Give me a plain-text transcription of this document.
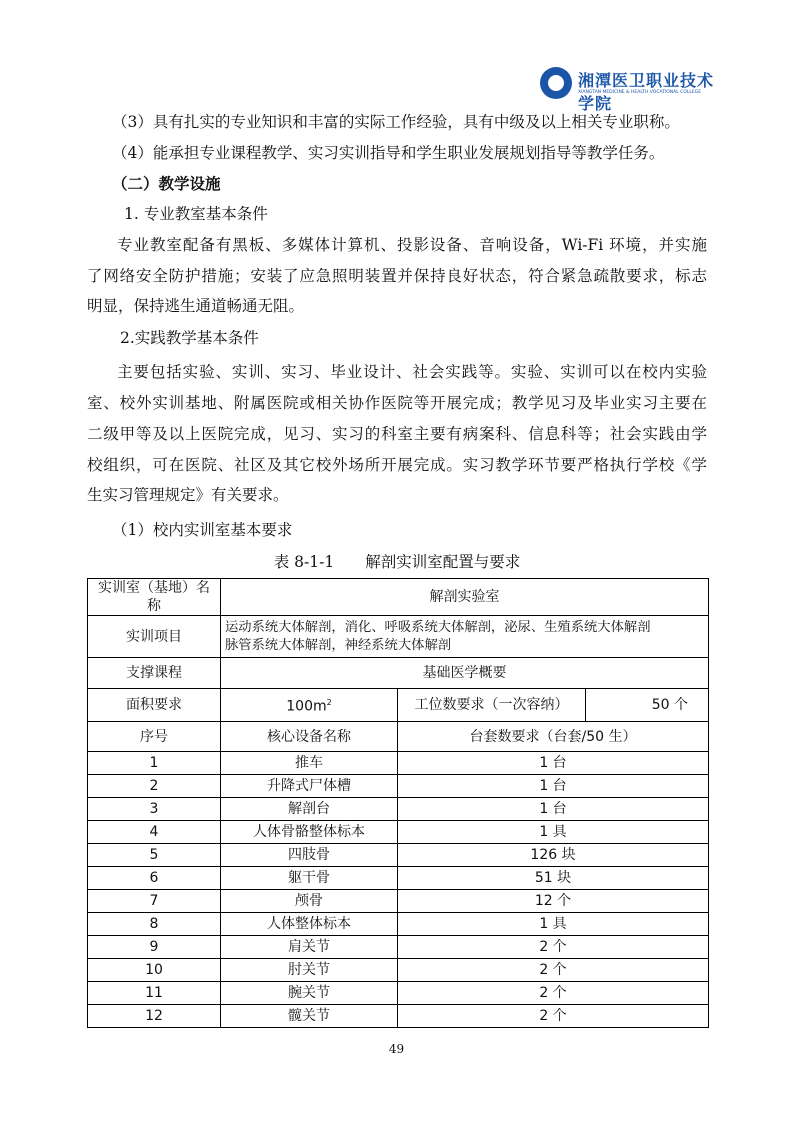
湘潭医卫职业技术学院
XIANGTAN MEDICINE & HEALTH VOCATIONAL COLLEGE
（3）具有扎实的专业知识和丰富的实际工作经验，具有中级及以上相关专业职称。
（4）能承担专业课程教学、实习实训指导和学生职业发展规划指导等教学任务。
（二）教学设施
1. 专业教室基本条件
专业教室配备有黑板、多媒体计算机、投影设备、音响设备，Wi-Fi 环境，并实施
了网络安全防护措施；安装了应急照明装置并保持良好状态，符合紧急疏散要求，标志
明显，保持逃生通道畅通无阻。
2.实践教学基本条件
主要包括实验、实训、实习、毕业设计、社会实践等。实验、实训可以在校内实验
室、校外实训基地、附属医院或相关协作医院等开展完成；教学见习及毕业实习主要在
二级甲等及以上医院完成，见习、实习的科室主要有病案科、信息科等；社会实践由学
校组织，可在医院、社区及其它校外场所开展完成。实习教学环节要严格执行学校《学
生实习管理规定》有关要求。
（1）校内实训室基本要求
表 8-1-1　　解剖实训室配置与要求
实训室（基地）名称	解剖实验室		
实训项目	运动系统大体解剖，消化、呼吸系统大体解剖，泌尿、生殖系统大体解剖
脉管系统大体解剖，神经系统大体解剖		

支撑课程	基础医学概要		
面积要求	$100m^2$	工位数要求（一次容纳）	50 个
序号	核心设备名称	台套数要求（台套/50 生）	
1	推车	1 台	
2	升降式尸体槽	1 台	
3	解剖台	1 台	
4	人体骨骼整体标本	1 具	
5	四肢骨	126 块	
6	躯干骨	51 块	
7	颅骨	12 个	
8	人体整体标本	1 具	
9	肩关节	2 个	
10	肘关节	2 个	
11	腕关节	2 个	
12	髋关节	2 个	
49
